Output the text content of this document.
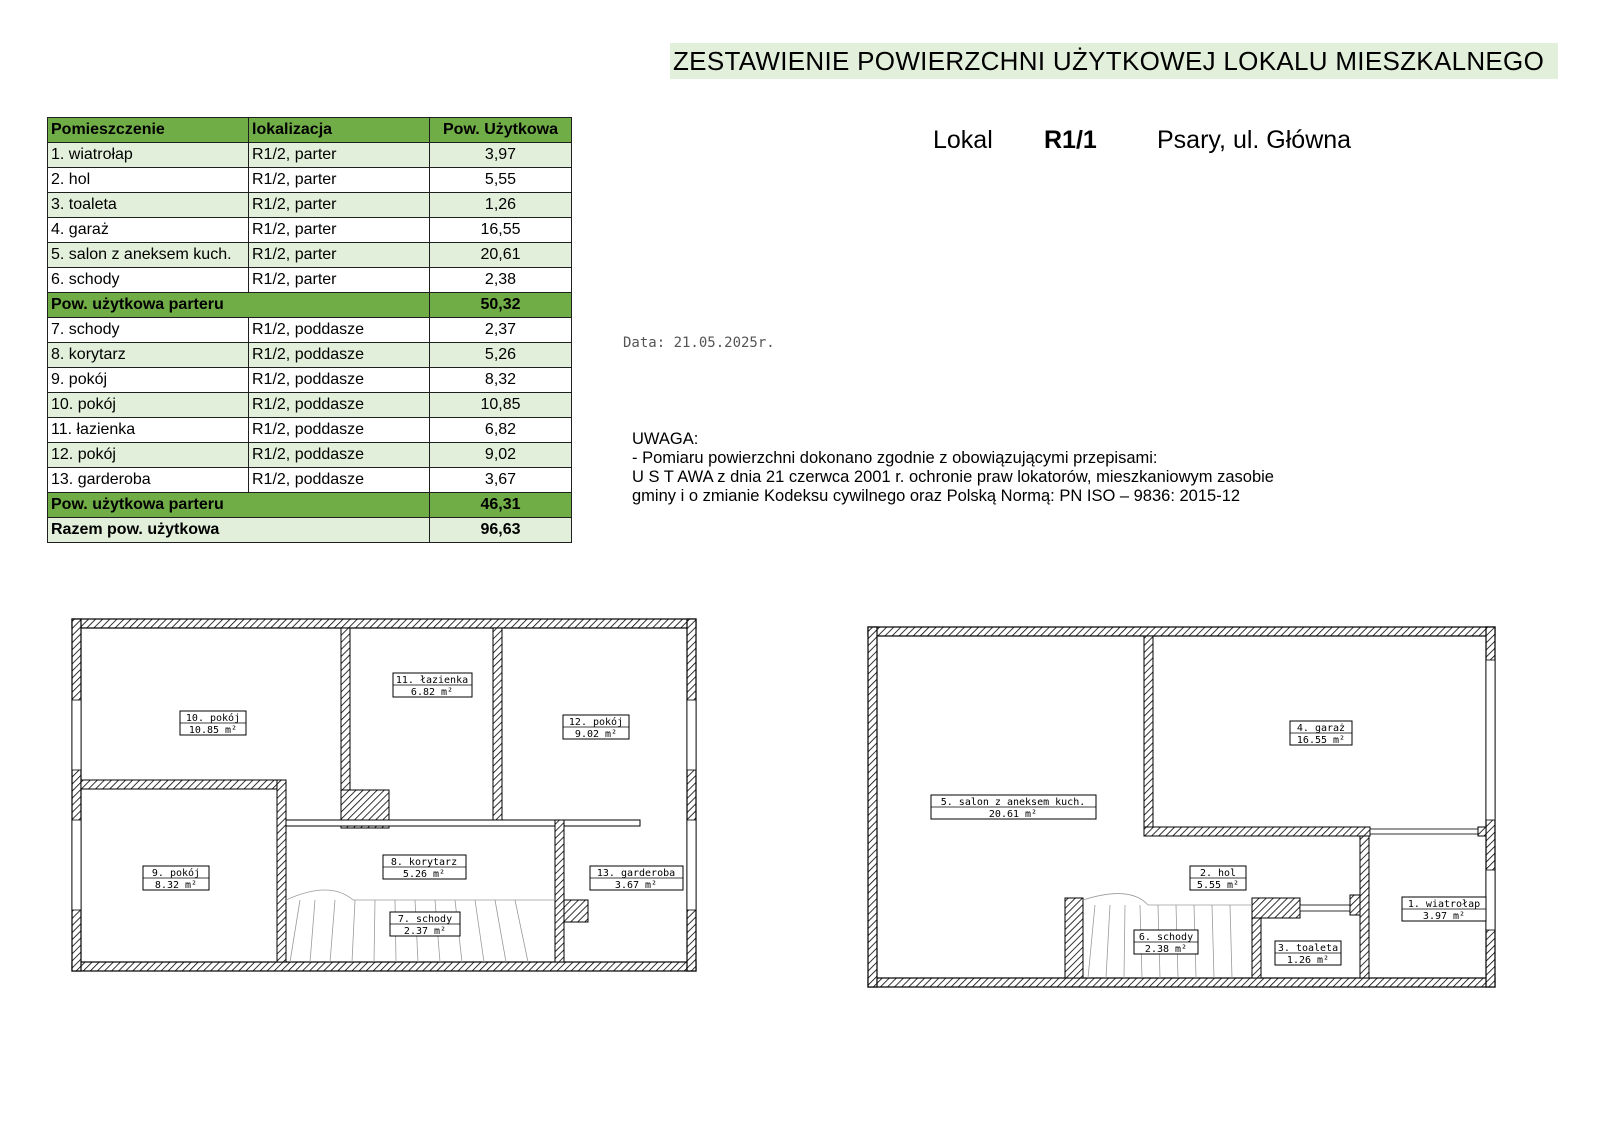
ZESTAWIENIE POWIERZCHNI UŻYTKOWEJ LOKALU MIESZKALNEGO
Pomieszczenie	lokalizacja	Pow. Użytkowa
1. wiatrołap	R1/2, parter	3,97
2. hol	R1/2, parter	5,55
3. toaleta	R1/2, parter	1,26
4. garaż	R1/2, parter	16,55
5. salon z aneksem kuch.	R1/2, parter	20,61
6. schody	R1/2, parter	2,38
Pow. użytkowa parteru		50,32
7. schody	R1/2, poddasze	2,37
8. korytarz	R1/2, poddasze	5,26
9. pokój	R1/2, poddasze	8,32
10. pokój	R1/2, poddasze	10,85
11. łazienka	R1/2, poddasze	6,82
12. pokój	R1/2, poddasze	9,02
13. garderoba	R1/2, poddasze	3,67
Pow. użytkowa parteru		46,31
Razem pow. użytkowa		96,63
Lokal R1/1 Psary, ul. Główna
Data: 21.05.2025r.
UWAGA:
- Pomiaru powierzchni dokonano zgodnie z obowiązującymi przepisami:
U S T AWA z dnia 21 czerwca 2001 r. ochronie praw lokatorów, mieszkaniowym zasobie
gminy i o zmianie Kodeksu cywilnego oraz Polską Normą: PN ISO – 9836: 2015-12
10. pokój
10.85 m²
11. łazienka
6.82 m²
12. pokój
9.02 m²
9. pokój
8.32 m²
8. korytarz
5.26 m²
7. schody
2.37 m²
13. garderoba
3.67 m²
4. garaż
16.55 m²
5. salon z aneksem kuch.
20.61 m²
2. hol
5.55 m²
1. wiatrołap
3.97 m²
6. schody
2.38 m²	3. toaleta
1.26 m²
